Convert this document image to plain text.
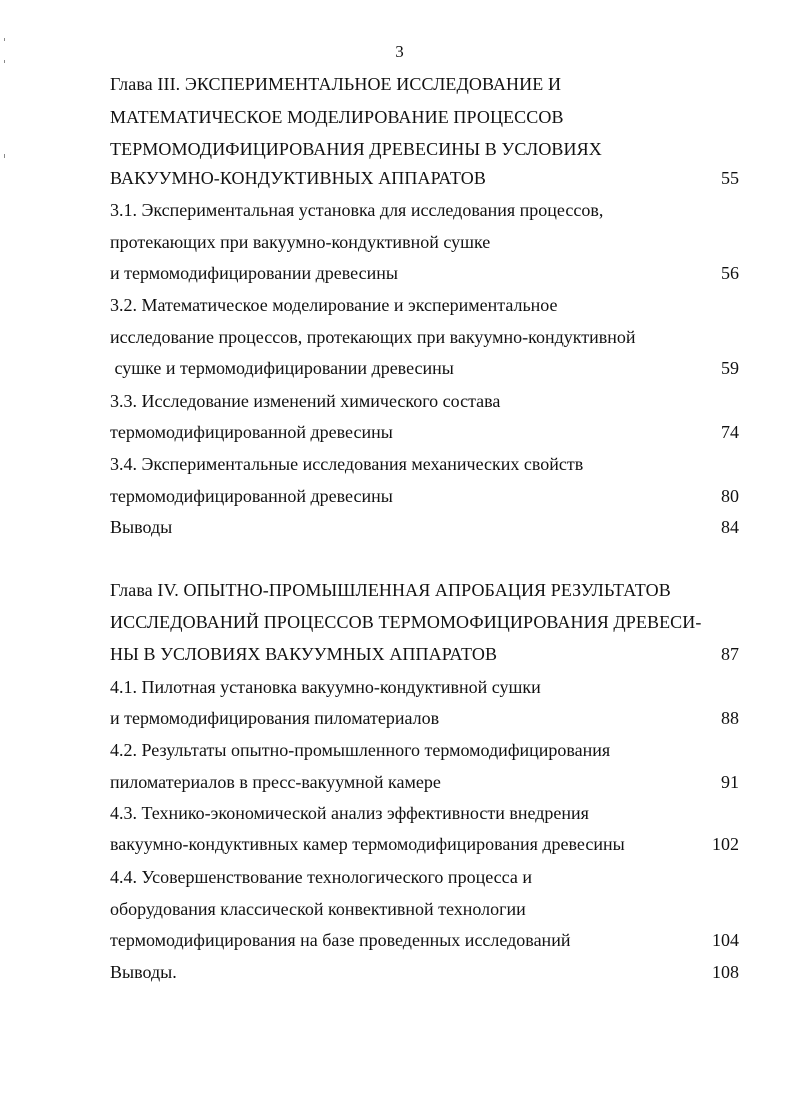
3
Глава III. ЭКСПЕРИМЕНТАЛЬНОЕ ИССЛЕДОВАНИЕ И
МАТЕМАТИЧЕСКОЕ МОДЕЛИРОВАНИЕ ПРОЦЕССОВ
ТЕРМОМОДИФИЦИРОВАНИЯ ДРЕВЕСИНЫ В УСЛОВИЯХ
ВАКУУМНО-КОНДУКТИВНЫХ АППАРАТОВ	55
3.1. Экспериментальная установка для исследования процессов,
протекающих при вакуумно-кондуктивной сушке
и термомодифицировании древесины	56
3.2. Математическое моделирование и экспериментальное
исследование процессов, протекающих при вакуумно-кондуктивной
сушке и термомодифицировании древесины	59
3.3. Исследование изменений химического состава
термомодифицированной древесины	74
3.4. Экспериментальные исследования механических свойств
термомодифицированной древесины	80
Выводы	84
Глава IV. ОПЫТНО-ПРОМЫШЛЕННАЯ АПРОБАЦИЯ РЕЗУЛЬТАТОВ
ИССЛЕДОВАНИЙ ПРОЦЕССОВ ТЕРМОМОФИЦИРОВАНИЯ ДРЕВЕСИ-
НЫ В УСЛОВИЯХ ВАКУУМНЫХ АППАРАТОВ	87
4.1. Пилотная установка вакуумно-кондуктивной сушки
и термомодифицирования пиломатериалов	88
4.2. Результаты опытно-промышленного термомодифицирования
пиломатериалов в пресс-вакуумной камере	91
4.3. Технико-экономической анализ эффективности внедрения
вакуумно-кондуктивных камер термомодифицирования древесины	102
4.4. Усовершенствование технологического процесса и
оборудования классической конвективной технологии
термомодифицирования на базе проведенных исследований	104
Выводы.	108
